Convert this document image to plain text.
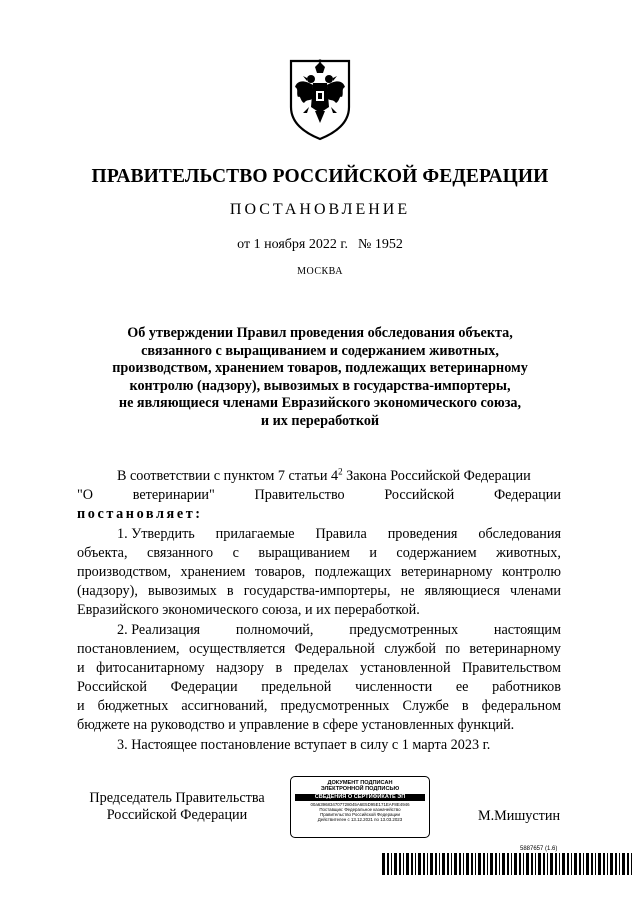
ПРАВИТЕЛЬСТВО РОССИЙСКОЙ ФЕДЕРАЦИИ
ПОСТАНОВЛЕНИЕ
от 1 ноября 2022 г. № 1952
МОСКВА
Об утверждении Правил проведения обследования объекта,
связанного с выращиванием и содержанием животных,
производством, хранением товаров, подлежащих ветеринарному
контролю (надзору), вывозимых в государства-импортеры,
не являющиеся членами Евразийского экономического союза,
и их переработкой
В соответствии с пунктом 7 статьи $4^2$ Закона Российской Федерации
"О	ветеринарии"	Правительство	Российской	Федерации
постановляет:
1. Утвердить прилагаемые Правила проведения обследования
объекта, связанного с выращиванием и содержанием животных,
производством, хранением товаров, подлежащих ветеринарному контролю
(надзору), вывозимых в государства-импортеры, не являющиеся членами
Евразийского экономического союза, и их переработкой.
2. Реализация	полномочий,	предусмотренных	настоящим
постановлением, осуществляется Федеральной службой по ветеринарному
и фитосанитарному надзору в пределах установленной Правительством
Российской Федерации предельной численности ее работников
и бюджетных ассигнований, предусмотренных Службе в федеральном
бюджете на руководство и управление в сфере установленных функций.
3. Настоящее постановление вступает в силу с 1 марта 2023 г.
Председатель Правительства
Российской Федерации
ДОКУМЕНТ ПОДПИСАН
ЭЛЕКТРОННОЙ ПОДПИСЬЮ
СВЕДЕНИЯ О СЕРТИФИКАТЕ ЭП
00a6396834707728045A6E5D95E171EAF8E4946
Поставщик: Федеральное казначейство
Правительство Российской Федерации
Действителен с 13.12.2021 по 13.03.2023	М.Мишустин
5887657 (1.6)
